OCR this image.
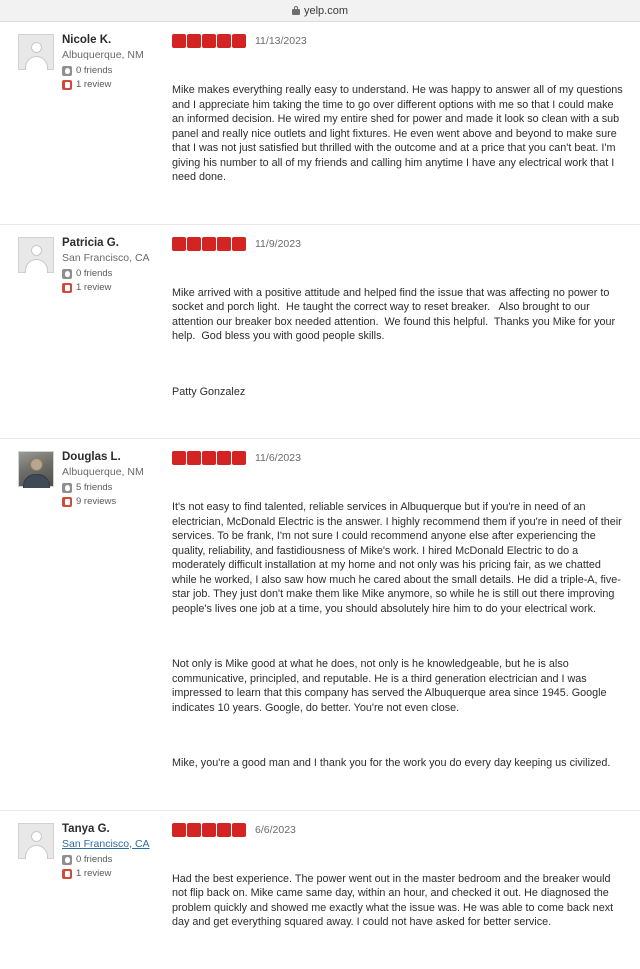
yelp.com
Nicole K.
Albuquerque, NM
0 friends
1 review
11/13/2023

Mike makes everything really easy to understand. He was happy to answer all of my questions and I appreciate him taking the time to go over different options with me so that I could make an informed decision. He wired my entire shed for power and made it look so clean with a sub panel and really nice outlets and light fixtures. He even went above and beyond to make sure that I was not just satisfied but thrilled with the outcome and at a price that you can't beat. I'm giving his number to all of my friends and calling him anytime I have any electrical work that I need done.

Patricia G.
San Francisco, CA
0 friends
1 review
11/9/2023

Mike arrived with a positive attitude and helped find the issue that was affecting no power to socket and porch light.  He taught the correct way to reset breaker.   Also brought to our attention our breaker box needed attention.  We found this helpful.  Thanks you Mike for your help.  God bless you with good people skills.

Patty Gonzalez

Douglas L.
Albuquerque, NM
5 friends
9 reviews
11/6/2023

It's not easy to find talented, reliable services in Albuquerque but if you're in need of an electrician, McDonald Electric is the answer. I highly recommend them if you're in need of their services. To be frank, I'm not sure I could recommend anyone else after experiencing the quality, reliability, and fastidiousness of Mike's work. I hired McDonald Electric to do a moderately difficult installation at my home and not only was his pricing fair, as we chatted while he worked, I also saw how much he cared about the small details. He did a triple-A, five-star job. They just don't make them like Mike anymore, so while he is still out there improving people's lives one job at a time, you should absolutely hire him to do your electrical work.

Not only is Mike good at what he does, not only is he knowledgeable, but he is also communicative, principled, and reputable. He is a third generation electrician and I was impressed to learn that this company has served the Albuquerque area since 1945. Google indicates 10 years. Google, do better. You're not even close.

Mike, you're a good man and I thank you for the work you do every day keeping us civilized.

Tanya G.
San Francisco, CA
0 friends
1 review
6/6/2023

Had the best experience. The power went out in the master bedroom and the breaker would not flip back on. Mike came same day, within an hour, and checked it out. He diagnosed the problem quickly and showed me exactly what the issue was. He was able to come back next day and get everything squared away. I could not have asked for better service.
